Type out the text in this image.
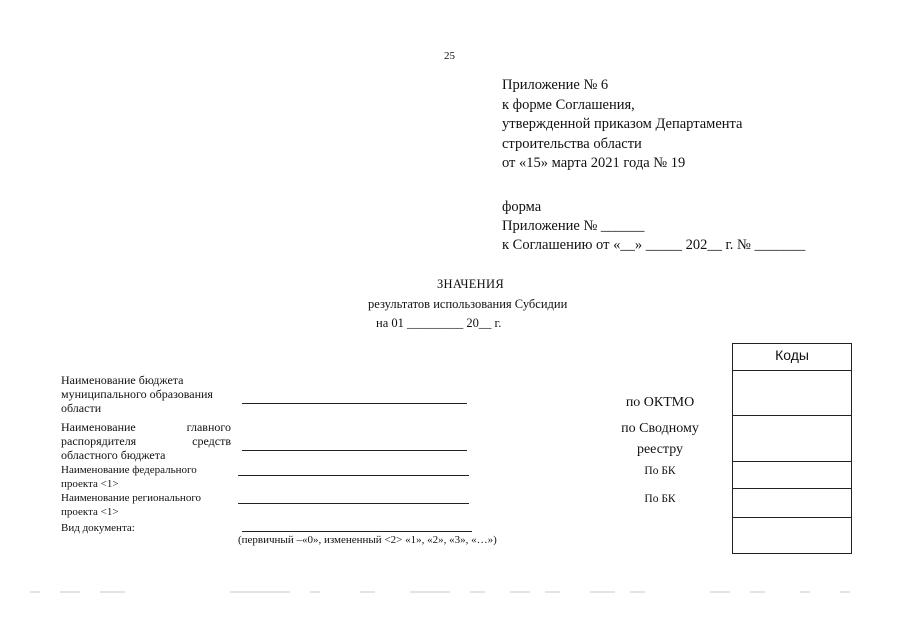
25
Приложение № 6
к форме Соглашения,
утвержденной приказом Департамента
строительства области
от «15» марта 2021 года № 19
форма
Приложение № ______
к Соглашению от «__» _____ 202__ г. № _______
ЗНАЧЕНИЯ
результатов использования Субсидии
на 01 _________ 20__ г.
Наименование бюджета
муниципального образования
области
Наименование	главного
распорядителя	средств
областного бюджета
Наименование федерального
проекта <1>
Наименование регионального
проекта <1>
Вид документа:
(первичный –«0», измененный <2> «1», «2», «3», «…»)
по ОКТМО
по Сводному
реестру
По БК
По БК
Коды
